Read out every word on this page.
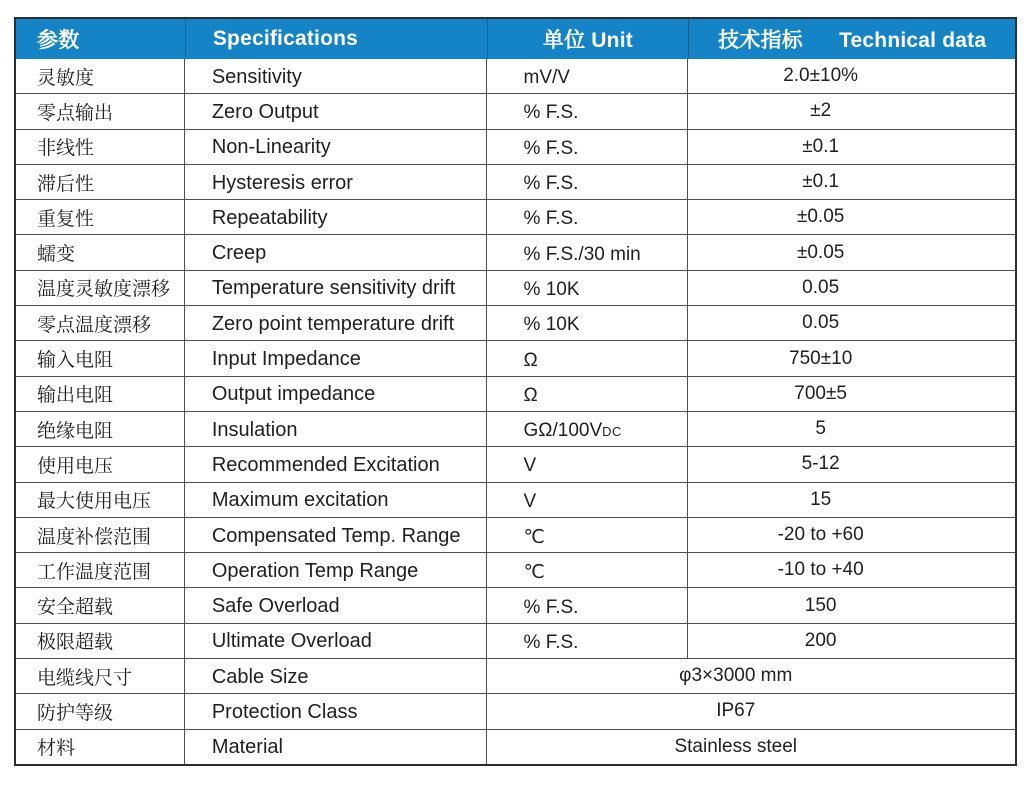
参数	Specifications	单位 Unit	技术指标      Technical data
灵敏度	Sensitivity	mV/V	2.0±10%
零点输出	Zero Output	% F.S.	±2
非线性	Non-Linearity	% F.S.	±0.1
滞后性	Hysteresis error	% F.S.	±0.1
重复性	Repeatability	% F.S.	±0.05
蠕变	Creep	% F.S./30 min	±0.05
温度灵敏度漂移 Temperature sensitivity drift	% 10K	0.05
零点温度漂移	Zero point temperature drift	% 10K	0.05
输入电阻	Input Impedance	Ω	750±10
输出电阻	Output impedance	Ω	700±5
绝缘电阻	Insulation	GΩ/100VDC	5
使用电压	Recommended Excitation	V	5-12
最大使用电压	Maximum excitation	V	15
温度补偿范围	Compensated Temp. Range	℃	-20 to +60
工作温度范围	Operation Temp Range	℃	-10 to +40
安全超载	Safe Overload	% F.S.	150
极限超载	Ultimate Overload	% F.S.	200
电缆线尺寸	Cable Size	φ3×3000 mm
防护等级	Protection Class	IP67
材料	Material	Stainless steel
